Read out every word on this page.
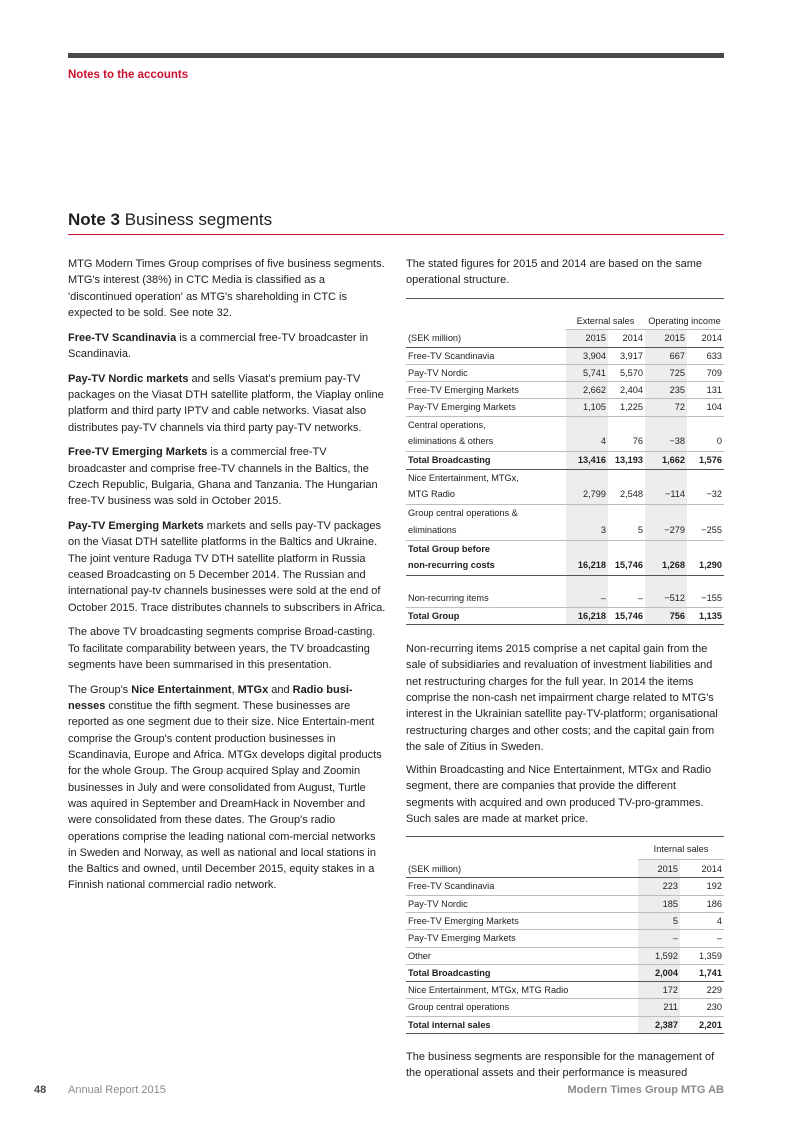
Notes to the accounts
Note 3 Business segments

MTG Modern Times Group comprises of five business segments. MTG's interest (38%) in CTC Media is classified as a 'discontinued operation' as MTG's shareholding in CTC is expected to be sold. See note 32.

Free-TV Scandinavia is a commercial free-TV broadcaster in Scandinavia.

Pay-TV Nordic markets and sells Viasat's premium pay-TV packages on the Viasat DTH satellite platform, the Viaplay online platform and third party IPTV and cable networks. Viasat also distributes pay-TV channels via third party pay-TV networks.

Free-TV Emerging Markets is a commercial free-TV broadcaster and comprise free-TV channels in the Baltics, the Czech Republic, Bulgaria, Ghana and Tanzania. The Hungarian free-TV business was sold in October 2015.

Pay-TV Emerging Markets markets and sells pay-TV packages on the Viasat DTH satellite platforms in the Baltics and Ukraine. The joint venture Raduga TV DTH satellite platform in Russia ceased Broadcasting on 5 December 2014. The Russian and international pay-tv channels businesses were sold at the end of October 2015. Trace distributes channels to subscribers in Africa.

The above TV broadcasting segments comprise Broad-casting. To facilitate comparability between years, the TV broadcasting segments have been summarised in this presentation.

The Group's Nice Entertainment, MTGx and Radio busi-nesses constitue the fifth segment. These businesses are reported as one segment due to their size. Nice Entertain-ment comprise the Group's content production businesses in Scandinavia, Europe and Africa. MTGx develops digital products for the whole Group. The Group acquired Splay and Zoomin businesses in July and were consolidated from August, Turtle was aquired in September and DreamHack in November and were consolidated from these dates. The Group's radio operations comprise the leading national com-mercial networks in Sweden and Norway, as well as national and local stations in the Baltics and owned, until December 2015, equity stakes in a Finnish national commercial radio network.

The stated figures for 2015 and 2014 are based on the same operational structure.

	External sales		Operating income	
(SEK million)	2015	2014	2015	2014
Free-TV Scandinavia	3,904	3,917	667	633
Pay-TV Nordic	5,741	5,570	725	709
Free-TV Emerging Markets	2,662	2,404	235	131
Pay-TV Emerging Markets	1,105	1,225	72	104
Central operations,
eliminations & others	4	76	−38	0
Total Broadcasting	13,416	13,193	1,662	1,576
Nice Entertainment, MTGx,
MTG Radio	2,799	2,548	−114	−32
Group central operations &
eliminations	3	5	−279	−255
Total Group before
non-recurring costs	16,218	15,746	1,268	1,290

Non-recurring items	–	–	−512	−155
Total Group	16,218	15,746	756	1,135

Non-recurring items 2015 comprise a net capital gain from the sale of subsidiaries and revaluation of investment liabilities and net restructuring charges for the full year. In 2014 the items comprise the non-cash net impairment charge related to MTG's interest in the Ukrainian satellite pay-TV-platform; organisational restructuring charges and other costs; and the capital gain from the sale of Zitius in Sweden.

Within Broadcasting and Nice Entertainment, MTGx and Radio segment, there are companies that provide the different segments with acquired and own produced TV-pro-grammes. Such sales are made at market price.

	Internal sales	
(SEK million)	2015	2014
Free-TV Scandinavia	223	192
Pay-TV Nordic	185	186
Free-TV Emerging Markets	5	4
Pay-TV Emerging Markets	–	–
Other	1,592	1,359
Total Broadcasting	2,004	1,741
Nice Entertainment, MTGx, MTG Radio	172	229
Group central operations	211	230
Total internal sales	2,387	2,201

The business segments are responsible for the management of the operational assets and their performance is measured

48 Annual Report 2015	Modern Times Group MTG AB
